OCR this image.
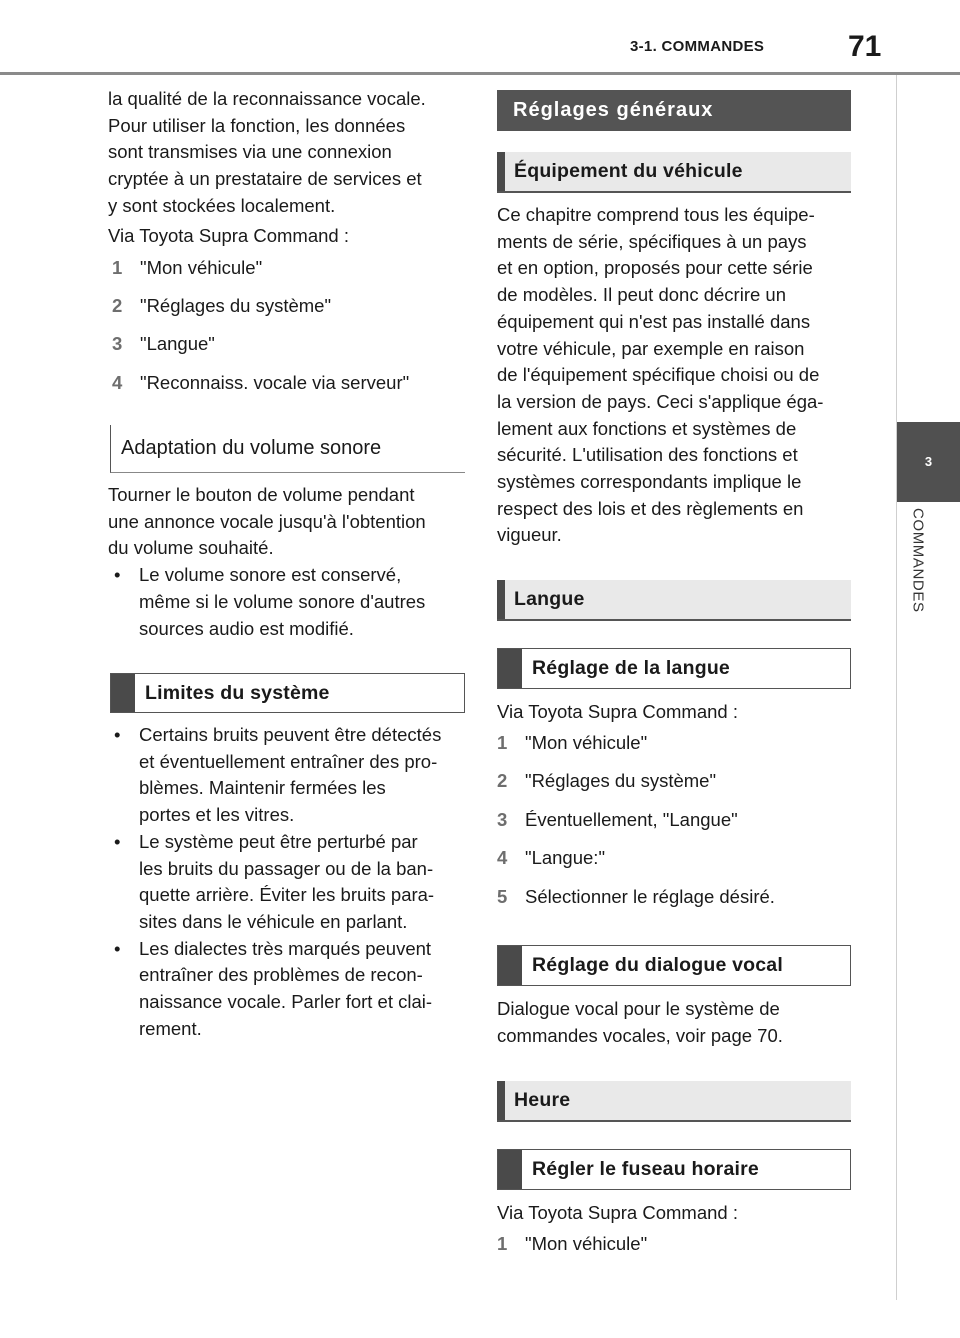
3-1. COMMANDES	71
3
COMMANDES

la qualité de la reconnaissance vocale.

Pour utiliser la fonction, les données

sont transmises via une connexion

cryptée à un prestataire de services et

y sont stockées localement.

Via Toyota Supra Command :
1 "Mon véhicule"
2 "Réglages du système"
3 "Langue"
4 "Reconnaiss. vocale via serveur"
Adaptation du volume sonore

Tourner le bouton de volume pendant

une annonce vocale jusqu'à l'obtention

du volume souhaité.

• Le volume sonore est conservé,

même si le volume sonore d'autres

sources audio est modifié.

Limites du système

• Certains bruits peuvent être détectés

et éventuellement entraîner des pro-

blèmes. Maintenir fermées les

portes et les vitres.

• Le système peut être perturbé par

les bruits du passager ou de la ban-

quette arrière. Éviter les bruits para-

sites dans le véhicule en parlant.

• Les dialectes très marqués peuvent

entraîner des problèmes de recon-

naissance vocale. Parler fort et clai-

rement.

Réglages généraux
Équipement du véhicule

Ce chapitre comprend tous les équipe-

ments de série, spécifiques à un pays

et en option, proposés pour cette série

de modèles. Il peut donc décrire un

équipement qui n'est pas installé dans

votre véhicule, par exemple en raison

de l'équipement spécifique choisi ou de

la version de pays. Ceci s'applique éga-

lement aux fonctions et systèmes de

sécurité. L'utilisation des fonctions et

systèmes correspondants implique le

respect des lois et des règlements en

vigueur.

Langue
Réglage de la langue
Via Toyota Supra Command :
1 "Mon véhicule"
2 "Réglages du système"
3 Éventuellement, "Langue"
4 "Langue:"
5 Sélectionner le réglage désiré.
Réglage du dialogue vocal

Dialogue vocal pour le système de

commandes vocales, voir page 70.

Heure
Régler le fuseau horaire
Via Toyota Supra Command :
1 "Mon véhicule"
